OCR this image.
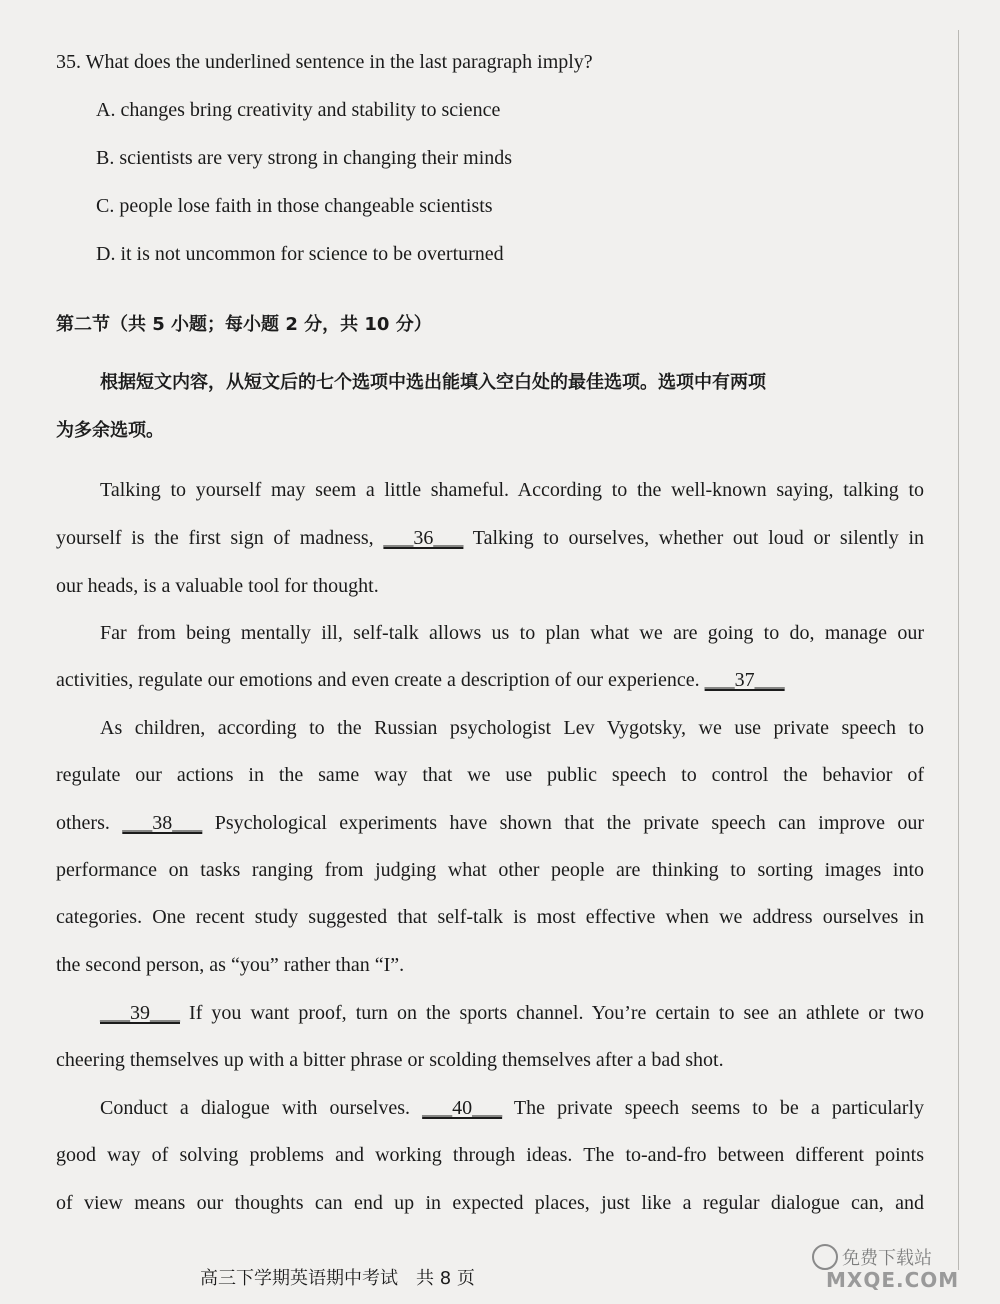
35. What does the underlined sentence in the last paragraph imply?
A. changes bring creativity and stability to science
B. scientists are very strong in changing their minds
C. people lose faith in those changeable scientists
D. it is not uncommon for science to be overturned
第二节（共 5 小题；每小题 2 分，共 10 分）
根据短文内容，从短文后的七个选项中选出能填入空白处的最佳选项。选项中有两项
为多余选项。
Talking to yourself may seem a little shameful. According to the well-known saying, talking to
yourself is the first sign of madness, ___36___ Talking to ourselves, whether out loud or silently in
our heads, is a valuable tool for thought.
Far from being mentally ill, self-talk allows us to plan what we are going to do, manage our
activities, regulate our emotions and even create a description of our experience. ___37___
As children, according to the Russian psychologist Lev Vygotsky, we use private speech to
regulate our actions in the same way that we use public speech to control the behavior of
others. ___38___ Psychological experiments have shown that the private speech can improve our
performance on tasks ranging from judging what other people are thinking to sorting images into
categories. One recent study suggested that self-talk is most effective when we address ourselves in
the second person, as “you” rather than “I”.
___39___ If you want proof, turn on the sports channel. You’re certain to see an athlete or two
cheering themselves up with a bitter phrase or scolding themselves after a bad shot.
Conduct a dialogue with ourselves. ___40___ The private speech seems to be a particularly
good way of solving problems and working through ideas. The to-and-fro between different points
of view means our thoughts can end up in expected places, just like a regular dialogue can, and
高三下学期英语期中考试　共 8 页
免费下载站
MXQE.COM
